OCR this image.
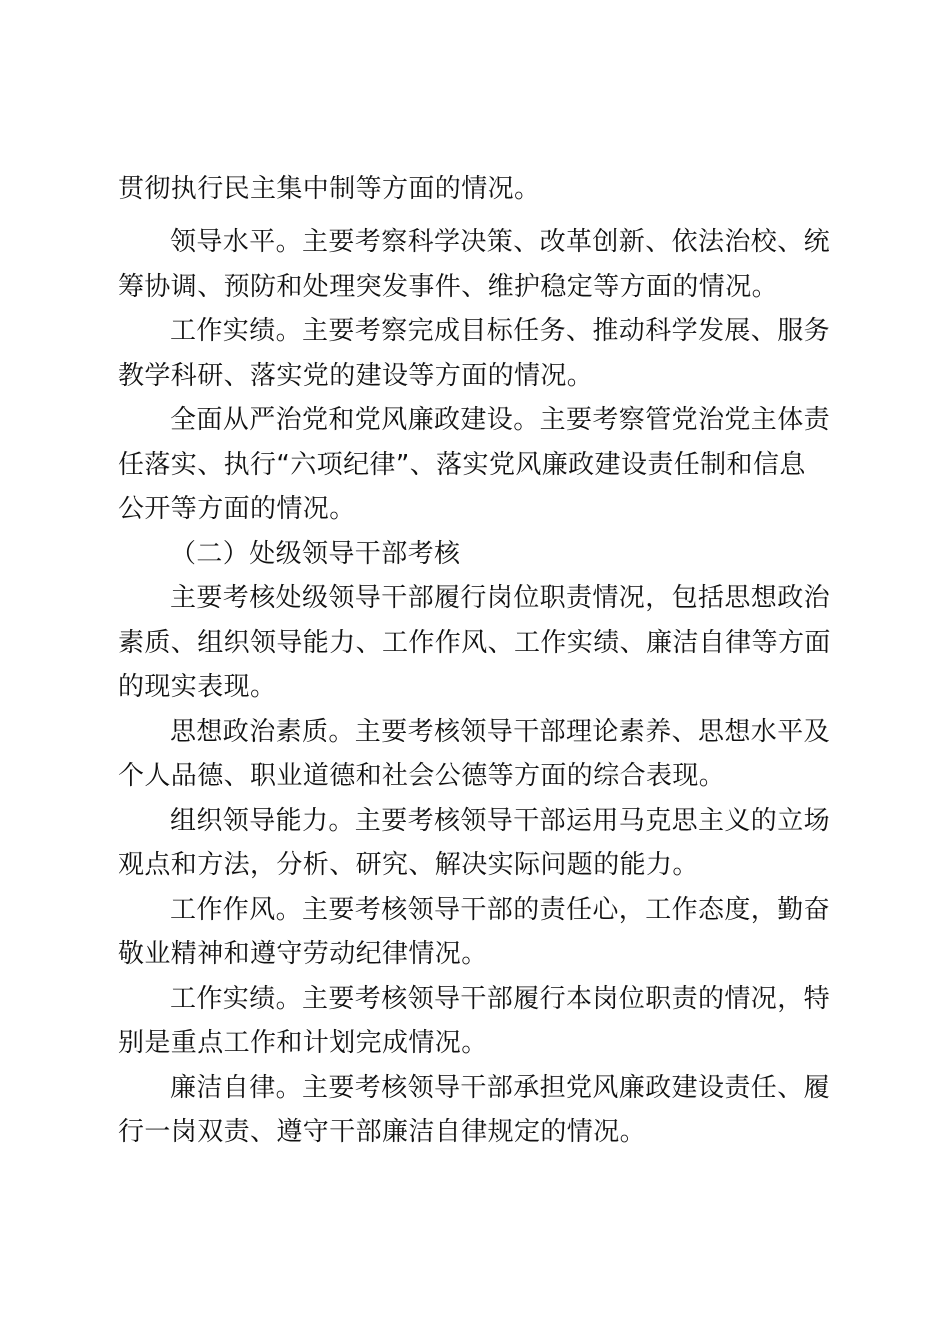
贯彻执行民主集中制等方面的情况。

领导水平。主要考察科学决策、改革创新、依法治校、统

筹协调、预防和处理突发事件、维护稳定等方面的情况。

工作实绩。主要考察完成目标任务、推动科学发展、服务

教学科研、落实党的建设等方面的情况。

全面从严治党和党风廉政建设。主要考察管党治党主体责

任落实、执行“六项纪律”、落实党风廉政建设责任制和信息

公开等方面的情况。

（二）处级领导干部考核

主要考核处级领导干部履行岗位职责情况，包括思想政治

素质、组织领导能力、工作作风、工作实绩、廉洁自律等方面

的现实表现。

思想政治素质。主要考核领导干部理论素养、思想水平及

个人品德、职业道德和社会公德等方面的综合表现。

组织领导能力。主要考核领导干部运用马克思主义的立场

观点和方法，分析、研究、解决实际问题的能力。

工作作风。主要考核领导干部的责任心，工作态度，勤奋

敬业精神和遵守劳动纪律情况。

工作实绩。主要考核领导干部履行本岗位职责的情况，特

别是重点工作和计划完成情况。

廉洁自律。主要考核领导干部承担党风廉政建设责任、履

行一岗双责、遵守干部廉洁自律规定的情况。
